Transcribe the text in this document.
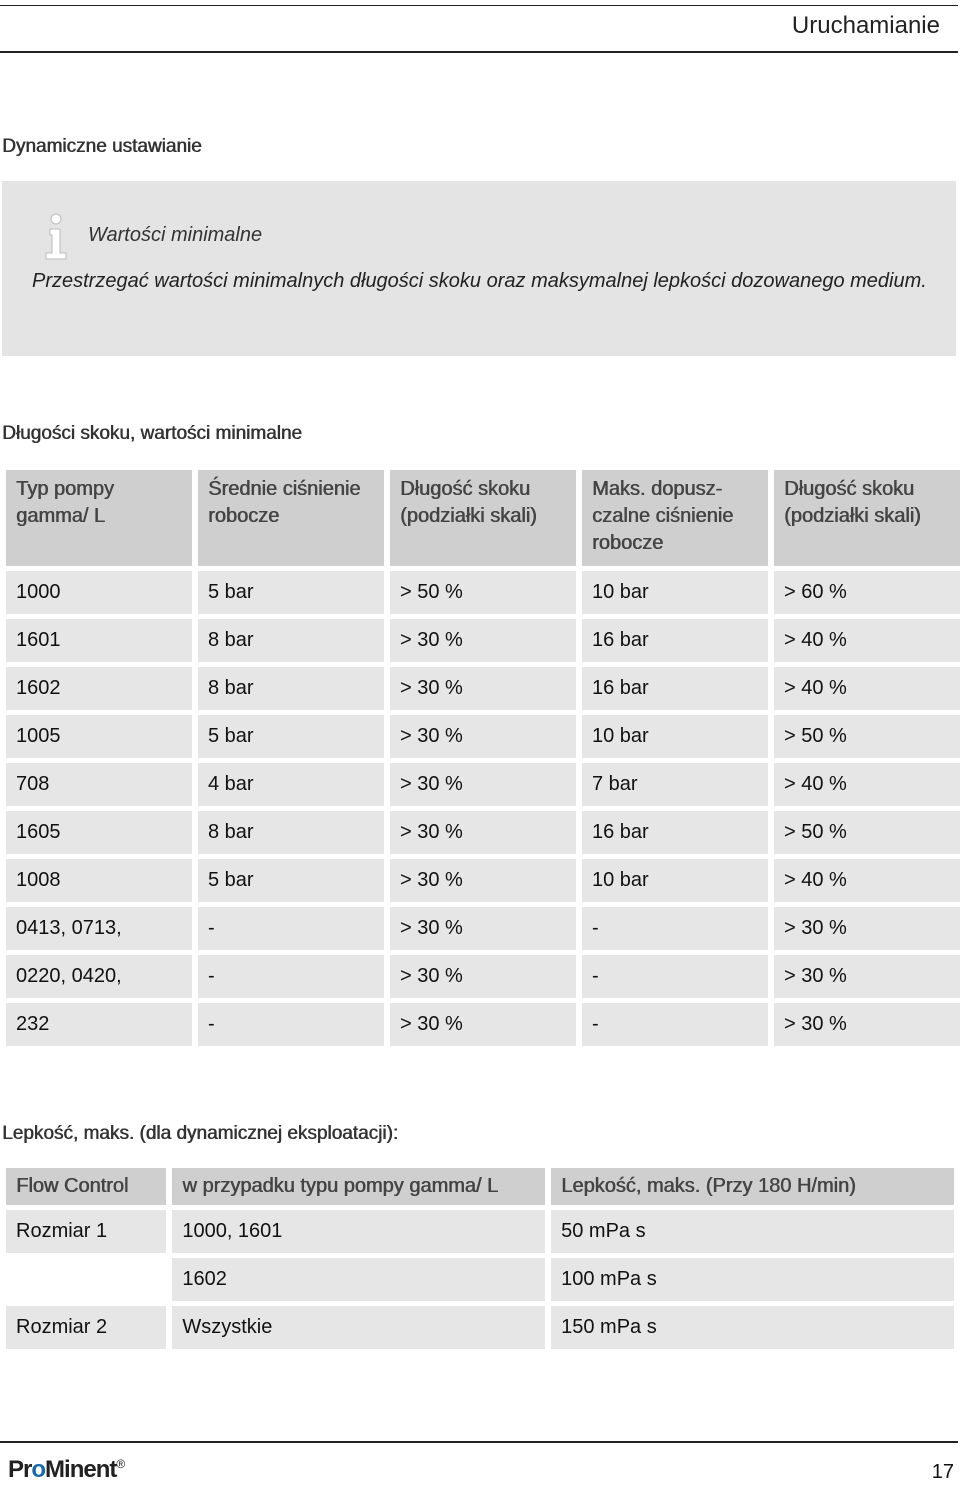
Uruchamianie
Dynamiczne ustawianie
Wartości minimalne
Przestrzegać wartości minimalnych długości skoku oraz maksymalnej lepkości dozowanego medium.
Długości skoku, wartości minimalne
Typ pompy gamma/ L	Średnie ciśnienie robocze	Długość skoku (podziałki skali)	Maks. dopusz- czalne ciśnienie robocze	Długość skoku (podziałki skali)
1000	5 bar	> 50 %	10 bar	> 60 %
1601	8 bar	> 30 %	16 bar	> 40 %
1602	8 bar	> 30 %	16 bar	> 40 %
1005	5 bar	> 30 %	10 bar	> 50 %
708	4 bar	> 30 %	7 bar	> 40 %
1605	8 bar	> 30 %	16 bar	> 50 %
1008	5 bar	> 30 %	10 bar	> 40 %
0413, 0713,	-	> 30 %	-	> 30 %
0220, 0420,	-	> 30 %	-	> 30 %
232	-	> 30 %	-	> 30 %
Lepkość, maks. (dla dynamicznej eksploatacji):
Flow Control	w przypadku typu pompy gamma/ L	Lepkość, maks. (Przy 180 H/min)
Rozmiar 1	1000, 1601	50 mPa s
	1602	100 mPa s
Rozmiar 2	Wszystkie	150 mPa s
ProMinent®	17
